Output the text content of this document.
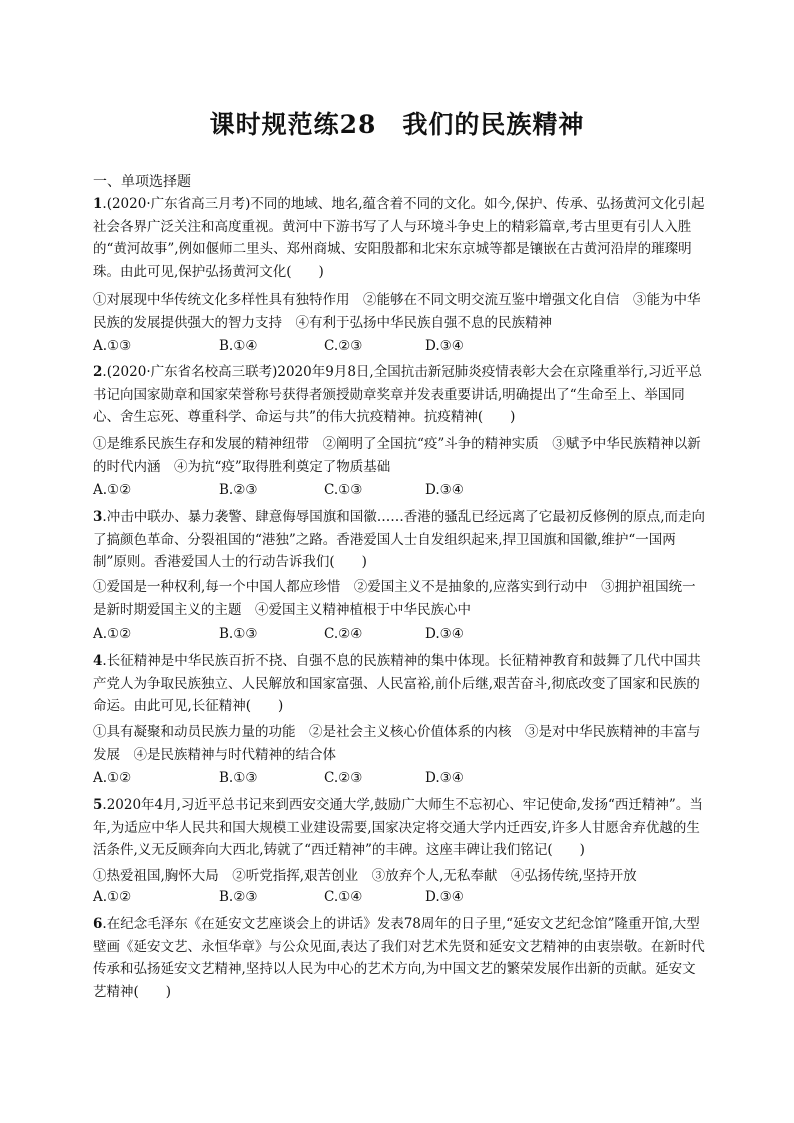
课时规范练28　我们的民族精神
一、单项选择题
1.(2020·广东省高三月考)不同的地域、地名,蕴含着不同的文化。如今,保护、传承、弘扬黄河文化引起社会各界广泛关注和高度重视。黄河中下游书写了人与环境斗争史上的精彩篇章,考古里更有引人入胜的“黄河故事”,例如偃师二里头、郑州商城、安阳殷都和北宋东京城等都是镶嵌在古黄河沿岸的璀璨明珠。由此可见,保护弘扬黄河文化(　　)
①对展现中华传统文化多样性具有独特作用　②能够在不同文明交流互鉴中增强文化自信　③能为中华民族的发展提供强大的智力支持　④有利于弘扬中华民族自强不息的民族精神
A.①③	B.①④	C.②③	D.③④
2.(2020·广东省名校高三联考)2020年9月8日,全国抗击新冠肺炎疫情表彰大会在京隆重举行,习近平总书记向国家勋章和国家荣誉称号获得者颁授勋章奖章并发表重要讲话,明确提出了“生命至上、举国同心、舍生忘死、尊重科学、命运与共”的伟大抗疫精神。抗疫精神(　　)
①是维系民族生存和发展的精神纽带　②阐明了全国抗“疫”斗争的精神实质　③赋予中华民族精神以新的时代内涵　④为抗“疫”取得胜利奠定了物质基础
A.①②	B.②③	C.①③	D.③④
3.冲击中联办、暴力袭警、肆意侮辱国旗和国徽……香港的骚乱已经远离了它最初反修例的原点,而走向了搞颜色革命、分裂祖国的“港独”之路。香港爱国人士自发组织起来,捍卫国旗和国徽,维护“一国两制”原则。香港爱国人士的行动告诉我们(　　)
①爱国是一种权利,每一个中国人都应珍惜　②爱国主义不是抽象的,应落实到行动中　③拥护祖国统一是新时期爱国主义的主题　④爱国主义精神植根于中华民族心中
A.①②	B.①③	C.②④	D.③④
4.长征精神是中华民族百折不挠、自强不息的民族精神的集中体现。长征精神教育和鼓舞了几代中国共产党人为争取民族独立、人民解放和国家富强、人民富裕,前仆后继,艰苦奋斗,彻底改变了国家和民族的命运。由此可见,长征精神(　　)
①具有凝聚和动员民族力量的功能　②是社会主义核心价值体系的内核　③是对中华民族精神的丰富与发展　④是民族精神与时代精神的结合体
A.①②	B.①③	C.②③	D.③④
5.2020年4月,习近平总书记来到西安交通大学,鼓励广大师生不忘初心、牢记使命,发扬“西迁精神”。当年,为适应中华人民共和国大规模工业建设需要,国家决定将交通大学内迁西安,许多人甘愿舍弃优越的生活条件,义无反顾奔向大西北,铸就了“西迁精神”的丰碑。这座丰碑让我们铭记(　　)
①热爱祖国,胸怀大局　②听党指挥,艰苦创业　③放弃个人,无私奉献　④弘扬传统,坚持开放
A.①②	B.②③	C.①④	D.③④
6.在纪念毛泽东《在延安文艺座谈会上的讲话》发表78周年的日子里,“延安文艺纪念馆”隆重开馆,大型壁画《延安文艺、永恒华章》与公众见面,表达了我们对艺术先贤和延安文艺精神的由衷崇敬。在新时代传承和弘扬延安文艺精神,坚持以人民为中心的艺术方向,为中国文艺的繁荣发展作出新的贡献。延安文艺精神(　　)
